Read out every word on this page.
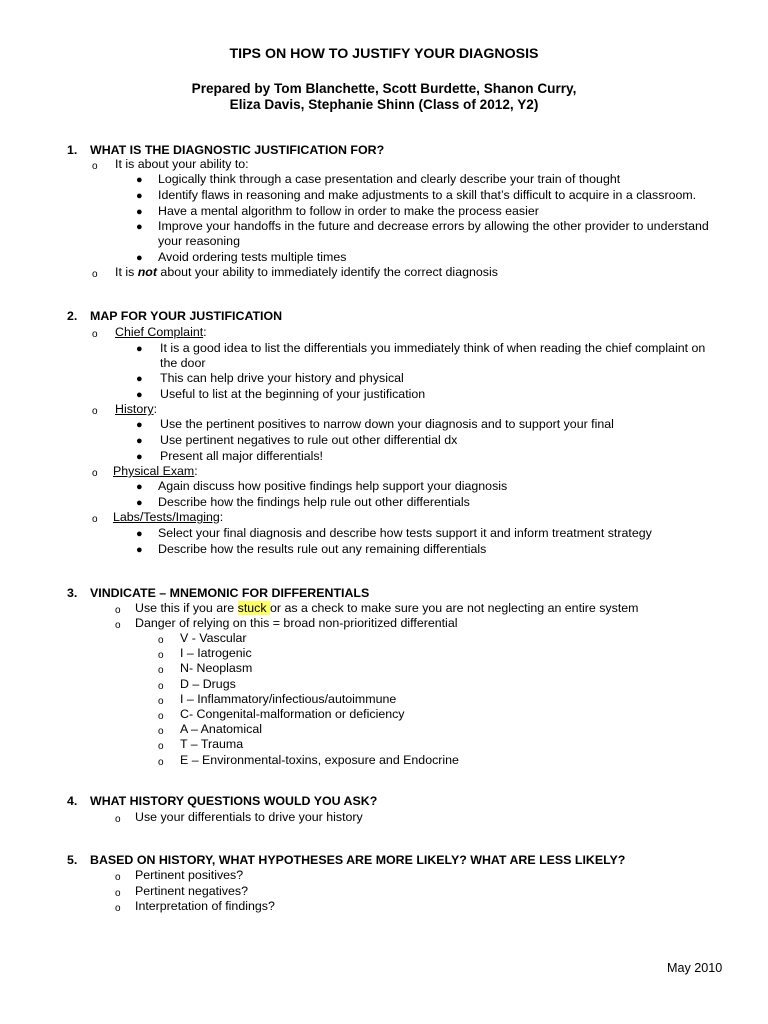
TIPS ON HOW TO JUSTIFY YOUR DIAGNOSIS
Prepared by Tom Blanchette, Scott Burdette, Shanon Curry,
Eliza Davis, Stephanie Shinn (Class of 2012, Y2)
1. WHAT IS THE DIAGNOSTIC JUSTIFICATION FOR?
o It is about your ability to:
● Logically think through a case presentation and clearly describe your train of thought
● Identify flaws in reasoning and make adjustments to a skill that’s difficult to acquire in a classroom.
● Have a mental algorithm to follow in order to make the process easier
● Improve your handoffs in the future and decrease errors by allowing the other provider to understand
your reasoning
● Avoid ordering tests multiple times
o It is not about your ability to immediately identify the correct diagnosis
2. MAP FOR YOUR JUSTIFICATION
o Chief Complaint:
● It is a good idea to list the differentials you immediately think of when reading the chief complaint on
the door
● This can help drive your history and physical
● Useful to list at the beginning of your justification
o History:
● Use the pertinent positives to narrow down your diagnosis and to support your final
● Use pertinent negatives to rule out other differential dx
● Present all major differentials!
o Physical Exam:
● Again discuss how positive findings help support your diagnosis
● Describe how the findings help rule out other differentials
o Labs/Tests/Imaging:
● Select your final diagnosis and describe how tests support it and inform treatment strategy
● Describe how the results rule out any remaining differentials
3. VINDICATE – MNEMONIC FOR DIFFERENTIALS
o Use this if you are stuck or as a check to make sure you are not neglecting an entire system
o Danger of relying on this = broad non-prioritized differential
o V - Vascular
o I – Iatrogenic
o N- Neoplasm
o D – Drugs
o I – Inflammatory/infectious/autoimmune
o C- Congenital-malformation or deficiency
o A – Anatomical
o T – Trauma
o E – Environmental-toxins, exposure and Endocrine
4. WHAT HISTORY QUESTIONS WOULD YOU ASK?
o Use your differentials to drive your history
5. BASED ON HISTORY, WHAT HYPOTHESES ARE MORE LIKELY? WHAT ARE LESS LIKELY?
o Pertinent positives?
o Pertinent negatives?
o Interpretation of findings?
May 2010
